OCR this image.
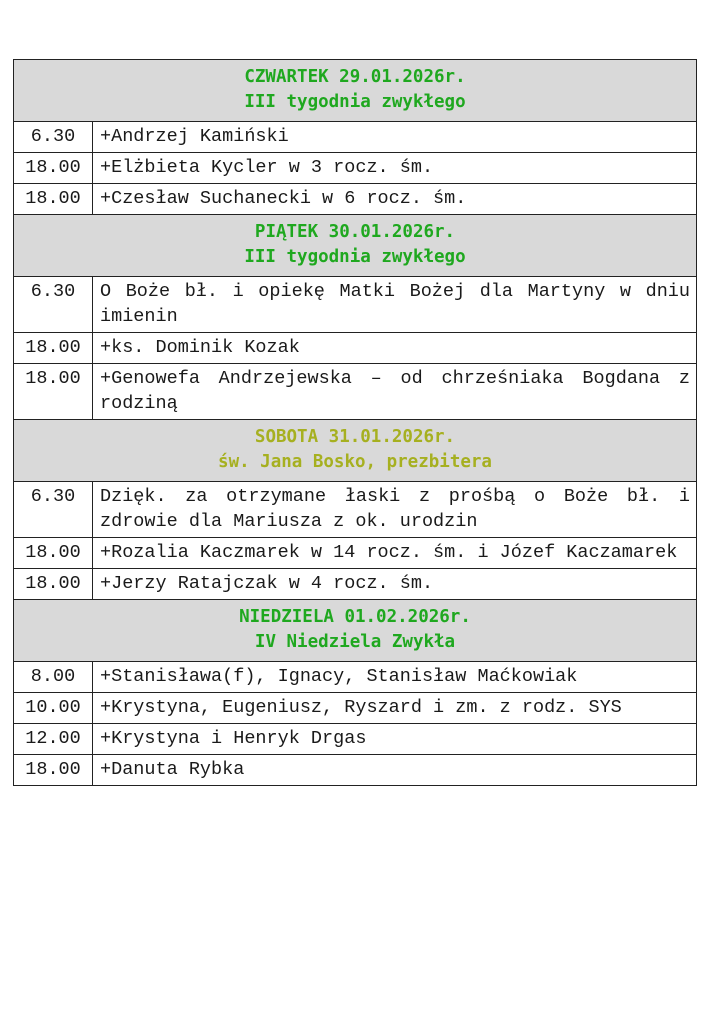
CZWARTEK 29.01.2026r.
III tygodnia zwykłego	

6.30	+Andrzej Kamiński
18.00	+Elżbieta Kycler w 3 rocz. śm.
18.00	+Czesław Suchanecki w 6 rocz. śm.

PIĄTEK 30.01.2026r.
III tygodnia zwykłego	

6.30	O Boże bł. i opiekę Matki Bożej dla Martyny w dniu imienin
18.00	+ks. Dominik Kozak
18.00	+Genowefa Andrzejewska – od chrześniaka Bogdana z rodziną

SOBOTA 31.01.2026r.
św. Jana Bosko, prezbitera	

6.30	Dzięk. za otrzymane łaski z prośbą o Boże bł. i zdrowie dla Mariusza z ok. urodzin
18.00	+Rozalia Kaczmarek w 14 rocz. śm. i Józef Kaczamarek
18.00	+Jerzy Ratajczak w 4 rocz. śm.

NIEDZIELA 01.02.2026r.
IV Niedziela Zwykła	

8.00	+Stanisława(f), Ignacy, Stanisław Maćkowiak
10.00	+Krystyna, Eugeniusz, Ryszard i zm. z rodz. SYS
12.00	+Krystyna i Henryk Drgas
18.00	+Danuta Rybka
